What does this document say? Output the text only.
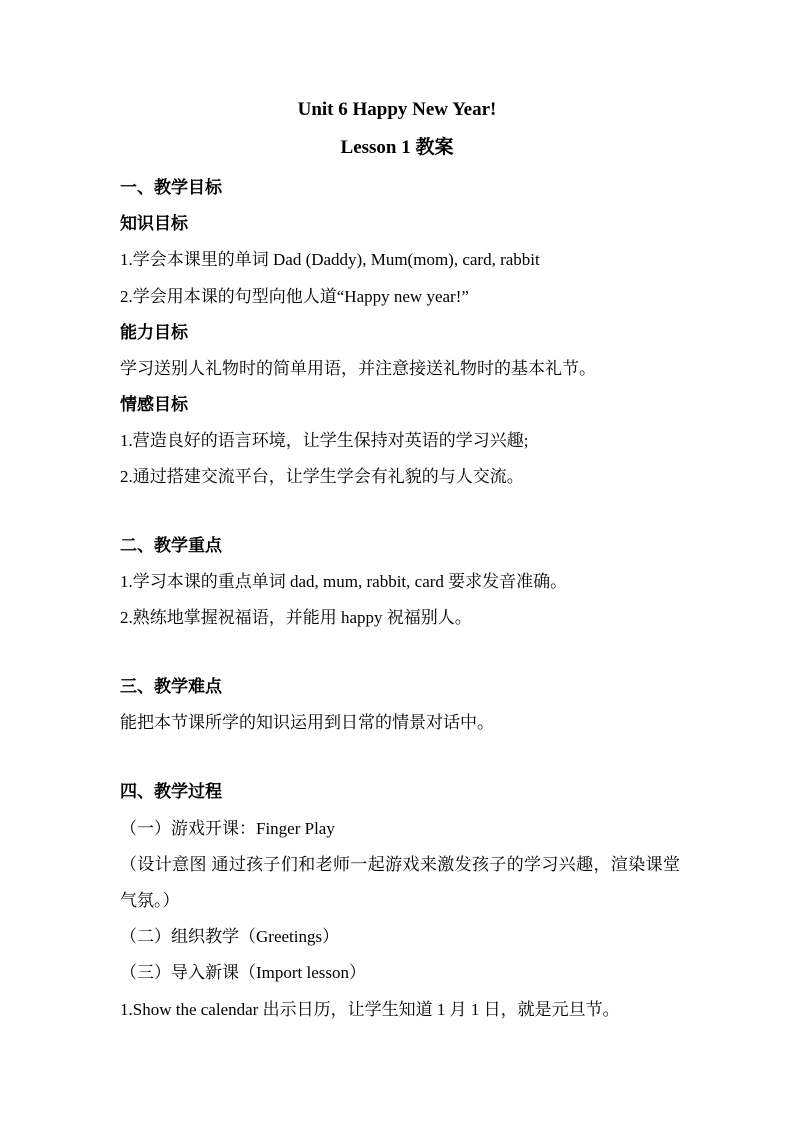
Unit 6 Happy New Year!
Lesson 1 教案
一、教学目标
知识目标
1.学会本课里的单词 Dad (Daddy), Mum(mom), card, rabbit
2.学会用本课的句型向他人道“Happy new year!”
能力目标
学习送别人礼物时的简单用语，并注意接送礼物时的基本礼节。
情感目标
1.营造良好的语言环境，让学生保持对英语的学习兴趣;
2.通过搭建交流平台，让学生学会有礼貌的与人交流。
二、教学重点
1.学习本课的重点单词 dad, mum, rabbit, card 要求发音准确。
2.熟练地掌握祝福语，并能用 happy 祝福别人。
三、教学难点
能把本节课所学的知识运用到日常的情景对话中。
四、教学过程
（一）游戏开课：Finger Play
（设计意图 通过孩子们和老师一起游戏来激发孩子的学习兴趣，渲染课堂气氛。）
（二）组织教学（Greetings）
（三）导入新课（Import lesson）
1.Show the calendar 出示日历，让学生知道 1 月 1 日，就是元旦节。
